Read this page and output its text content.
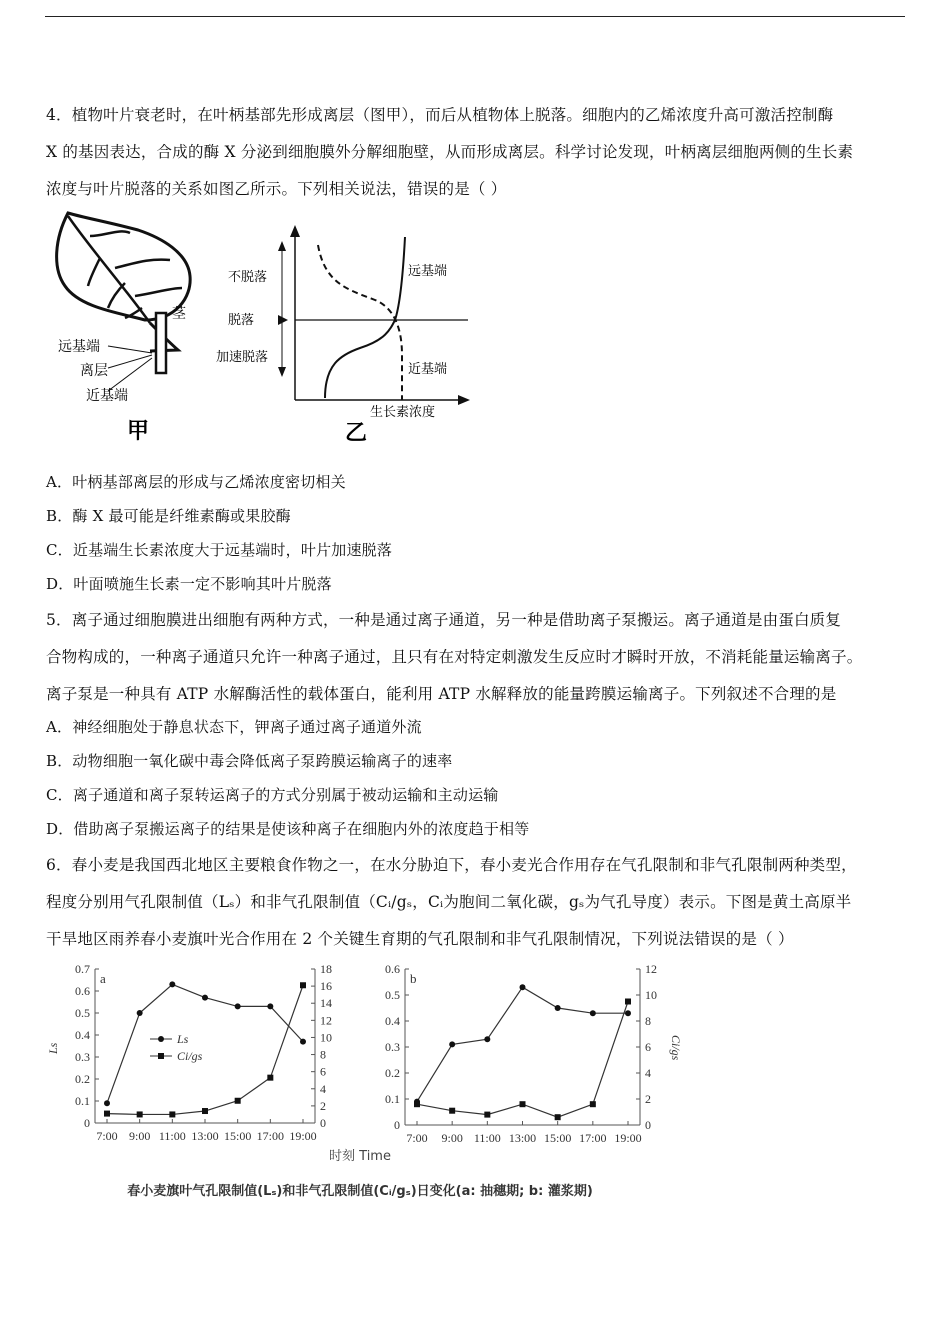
4．植物叶片衰老时，在叶柄基部先形成离层（图甲），而后从植物体上脱落。细胞内的乙烯浓度升高可激活控制酶
X 的基因表达，合成的酶 X 分泌到细胞膜外分解细胞壁，从而形成离层。科学讨论发现，叶柄离层细胞两侧的生长素
浓度与叶片脱落的关系如图乙所示。下列相关说法，错误的是（ ）
茎
远基端
离层
近基端
甲
不脱落
脱落
加速脱落
远基端
近基端
生长素浓度
乙
A．叶柄基部离层的形成与乙烯浓度密切相关
B．酶 X 最可能是纤维素酶或果胶酶
C．近基端生长素浓度大于远基端时，叶片加速脱落
D．叶面喷施生长素一定不影响其叶片脱落
5．离子通过细胞膜进出细胞有两种方式，一种是通过离子通道，另一种是借助离子泵搬运。离子通道是由蛋白质复
合物构成的，一种离子通道只允许一种离子通过，且只有在对特定刺激发生反应时才瞬时开放，不消耗能量运输离子。
离子泵是一种具有 ATP 水解酶活性的载体蛋白，能利用 ATP 水解释放的能量跨膜运输离子。下列叙述不合理的是
A．神经细胞处于静息状态下，钾离子通过离子通道外流
B．动物细胞一氧化碳中毒会降低离子泵跨膜运输离子的速率
C．离子通道和离子泵转运离子的方式分别属于被动运输和主动运输
D．借助离子泵搬运离子的结果是使该种离子在细胞内外的浓度趋于相等
6．春小麦是我国西北地区主要粮食作物之一，在水分胁迫下，春小麦光合作用存在气孔限制和非气孔限制两种类型，
程度分别用气孔限制值（Lₛ）和非气孔限制值（Cᵢ/gₛ，Cᵢ为胞间二氧化碳，gₛ为气孔导度）表示。下图是黄土高原半
干旱地区雨养春小麦旗叶光合作用在 2 个关键生育期的气孔限制和非气孔限制情况，下列说法错误的是（ ）
0
0.1
0.2
0.3
0.4
0.5
0.6
0.7
0
2
4
6
8
10
12
14
16
18
7:00 9:00 11:00 13:00 15:00 17:00 19:00
a
Ls
Ls
Ci/gs
0
0.1
0.2
0.3
0.4
0.5
0.6
0
2
4
6
8
10
12
7:00 9:00 11:00 13:00 15:00 17:00 19:00
b
Ci/gs
时刻 Time
春小麦旗叶气孔限制值(Lₛ)和非气孔限制值(Cᵢ/gₛ)日变化(a: 抽穗期; b: 灌浆期)
